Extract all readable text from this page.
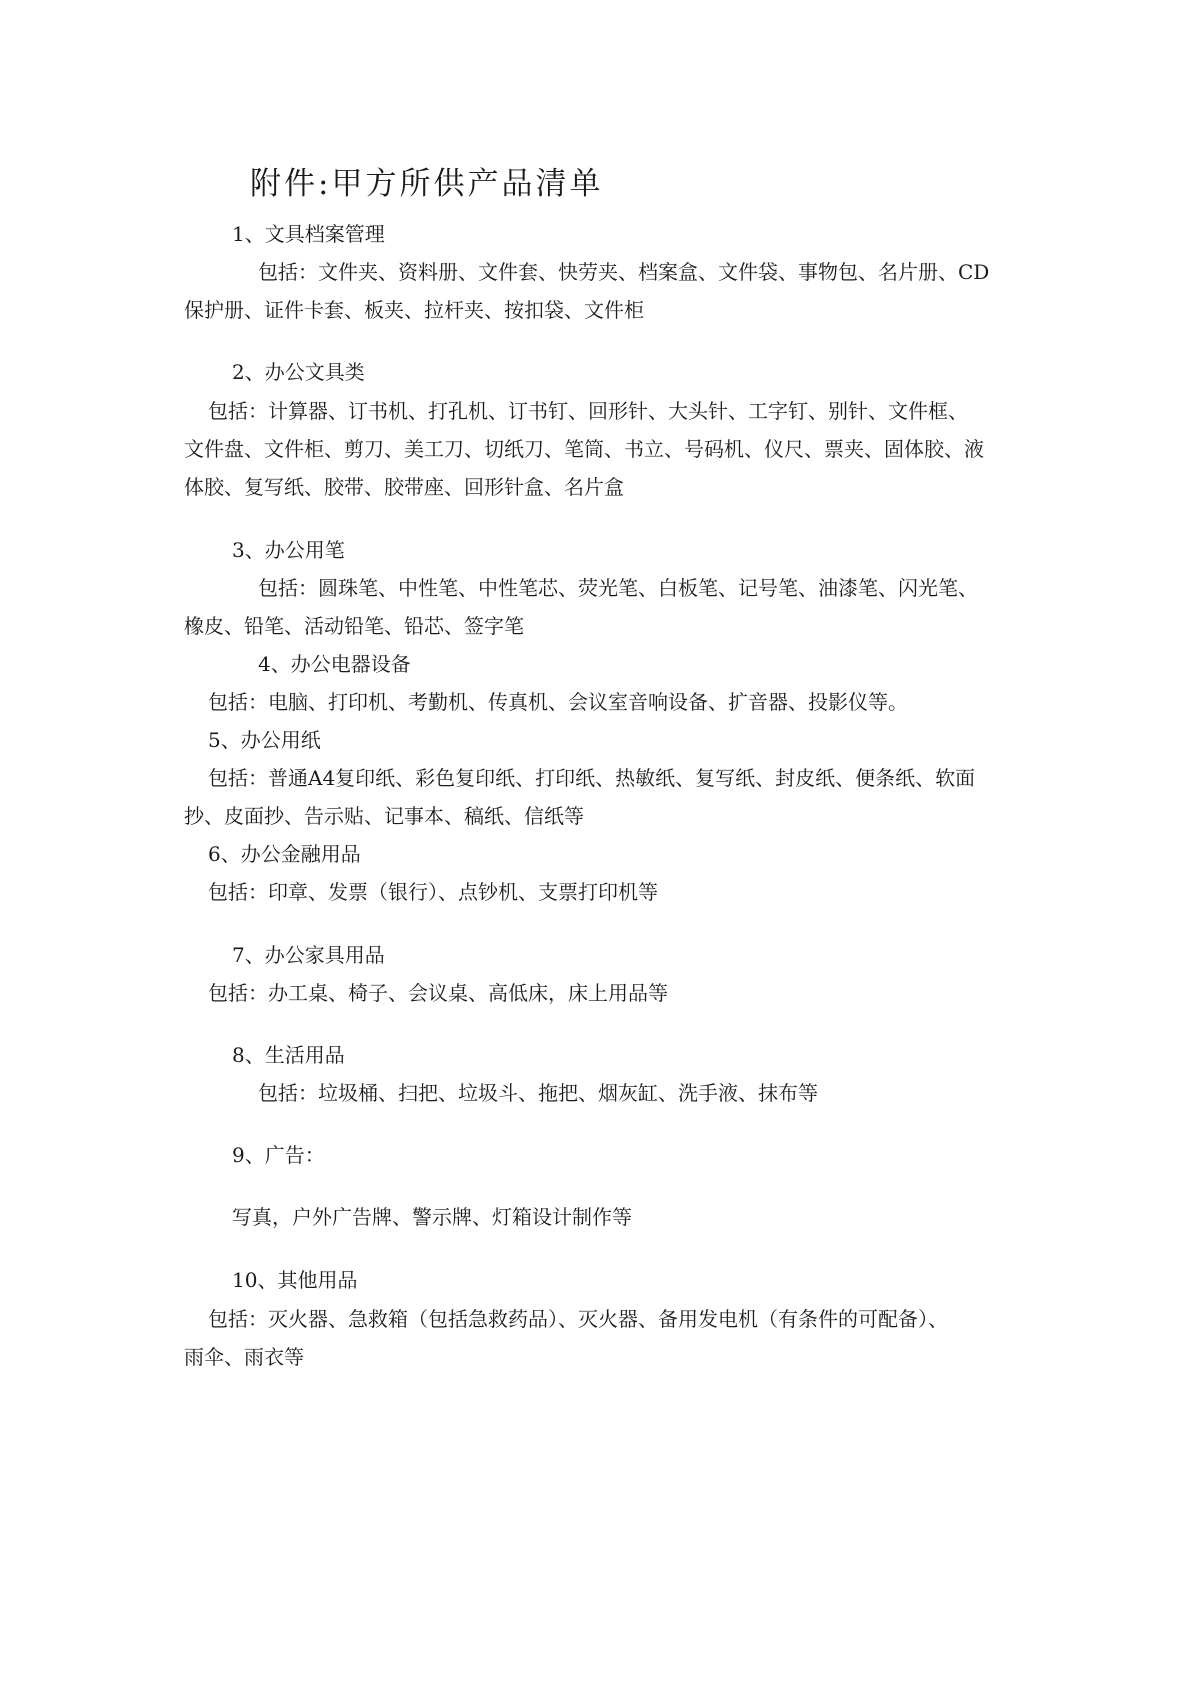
附件:甲方所供产品清单
1、文具档案管理
包括：文件夹、资料册、文件套、快劳夹、档案盒、文件袋、事物包、名片册、CD
保护册、证件卡套、板夹、拉杆夹、按扣袋、文件柜
2、办公文具类
包括：计算器、订书机、打孔机、订书钉、回形针、大头针、工字钉、别针、文件框、
文件盘、文件柜、剪刀、美工刀、切纸刀、笔筒、书立、号码机、仪尺、票夹、固体胶、液
体胶、复写纸、胶带、胶带座、回形针盒、名片盒
3、办公用笔
包括：圆珠笔、中性笔、中性笔芯、荧光笔、白板笔、记号笔、油漆笔、闪光笔、
橡皮、铅笔、活动铅笔、铅芯、签字笔
4、办公电器设备
包括：电脑、打印机、考勤机、传真机、会议室音响设备、扩音器、投影仪等。
5、办公用纸
包括：普通A4复印纸、彩色复印纸、打印纸、热敏纸、复写纸、封皮纸、便条纸、软面
抄、皮面抄、告示贴、记事本、稿纸、信纸等
6、办公金融用品
包括：印章、发票（银行）、点钞机、支票打印机等
7、办公家具用品
包括：办工桌、椅子、会议桌、高低床，床上用品等
8、生活用品
包括：垃圾桶、扫把、垃圾斗、拖把、烟灰缸、洗手液、抹布等
9、广告：
写真，户外广告牌、警示牌、灯箱设计制作等
10、其他用品
包括：灭火器、急救箱（包括急救药品）、灭火器、备用发电机（有条件的可配备）、
雨伞、雨衣等
